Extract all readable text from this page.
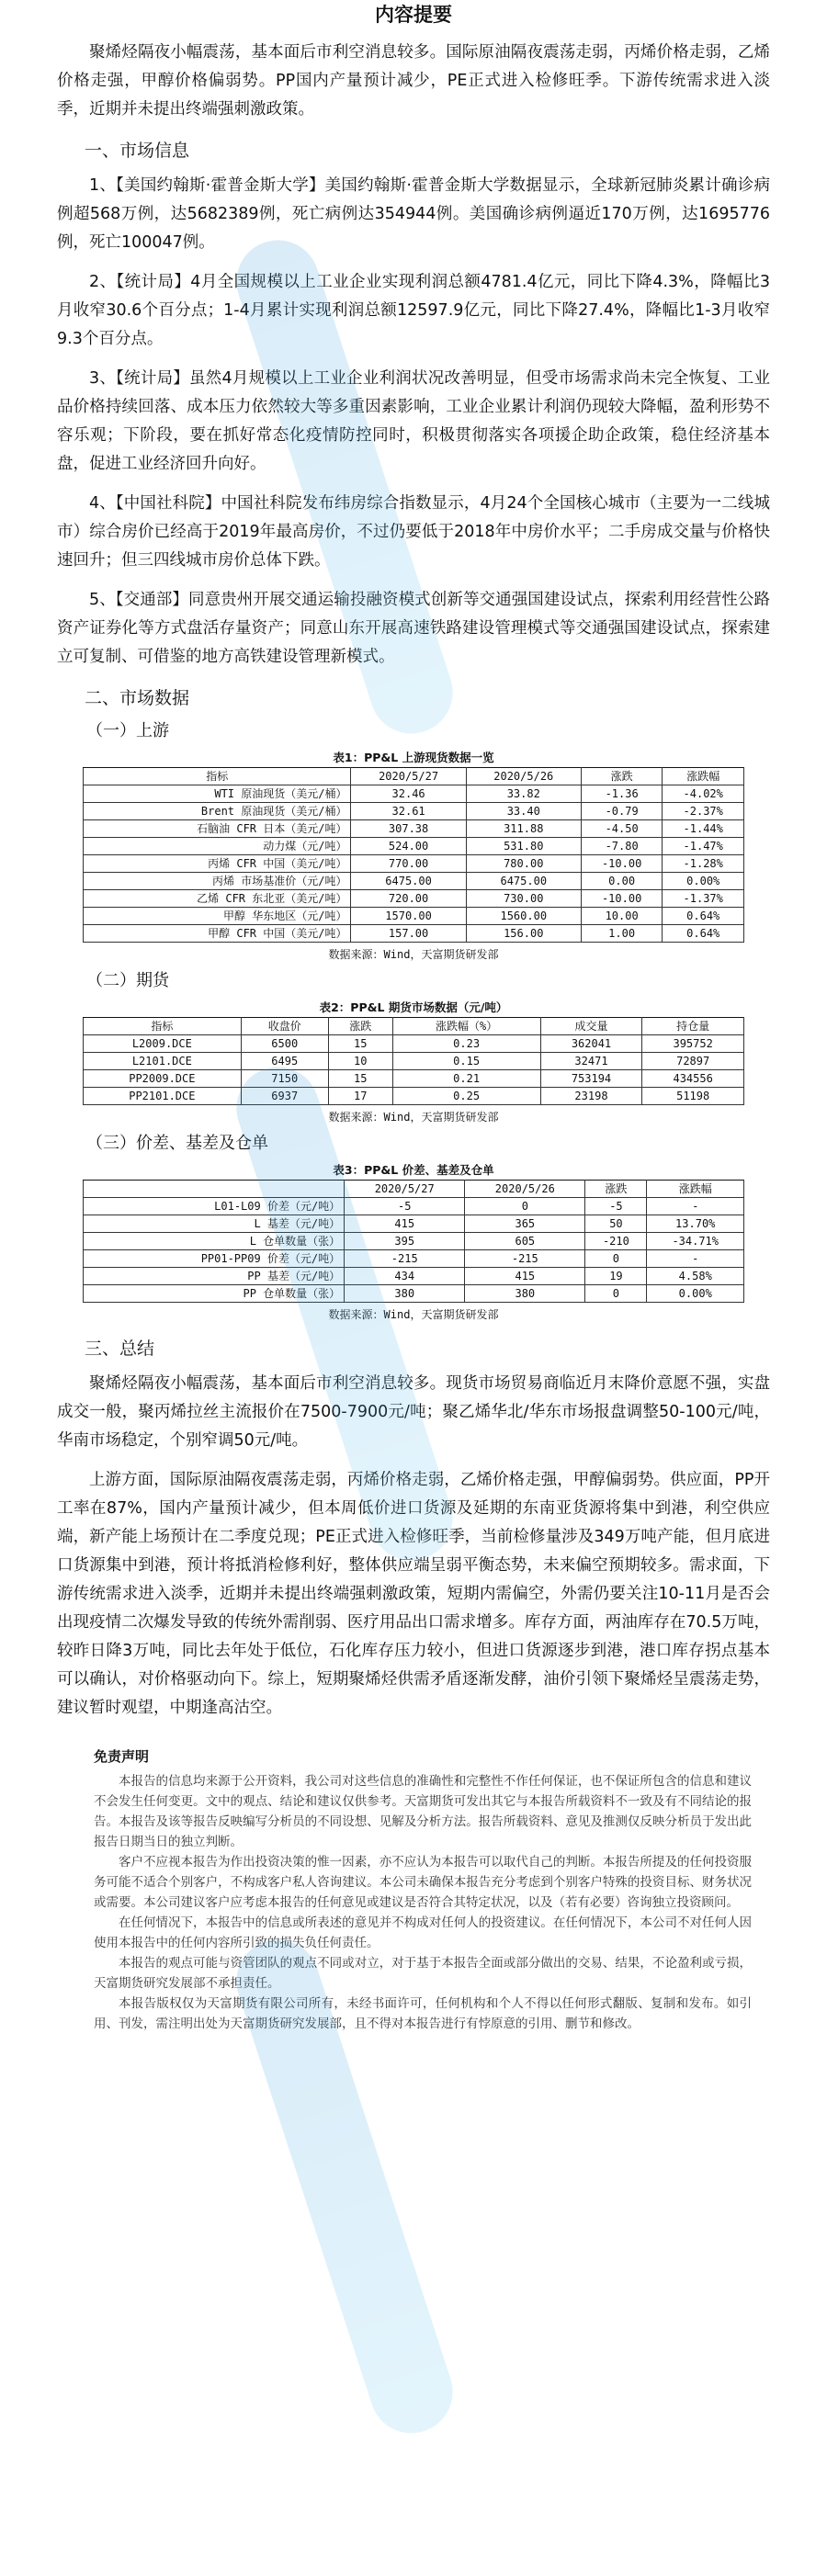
内容提要

聚烯烃隔夜小幅震荡，基本面后市利空消息较多。国际原油隔夜震荡走弱，丙烯价格走弱，乙烯价格走强，甲醇价格偏弱势。PP国内产量预计减少，PE正式进入检修旺季。下游传统需求进入淡季，近期并未提出终端强刺激政策。

一、市场信息

1、【美国约翰斯·霍普金斯大学】美国约翰斯·霍普金斯大学数据显示，全球新冠肺炎累计确诊病例超568万例，达5682389例，死亡病例达354944例。美国确诊病例逼近170万例，达1695776例，死亡100047例。

2、【统计局】4月全国规模以上工业企业实现利润总额4781.4亿元，同比下降4.3%，降幅比3月收窄30.6个百分点；1-4月累计实现利润总额12597.9亿元，同比下降27.4%，降幅比1-3月收窄9.3个百分点。

3、【统计局】虽然4月规模以上工业企业利润状况改善明显，但受市场需求尚未完全恢复、工业品价格持续回落、成本压力依然较大等多重因素影响，工业企业累计利润仍现较大降幅，盈利形势不容乐观；下阶段，要在抓好常态化疫情防控同时，积极贯彻落实各项援企助企政策，稳住经济基本盘，促进工业经济回升向好。

4、【中国社科院】中国社科院发布纬房综合指数显示，4月24个全国核心城市（主要为一二线城市）综合房价已经高于2019年最高房价，不过仍要低于2018年中房价水平；二手房成交量与价格快速回升；但三四线城市房价总体下跌。

5、【交通部】同意贵州开展交通运输投融资模式创新等交通强国建设试点，探索利用经营性公路资产证券化等方式盘活存量资产；同意山东开展高速铁路建设管理模式等交通强国建设试点，探索建立可复制、可借鉴的地方高铁建设管理新模式。

二、市场数据
（一）上游
表1：PP&L 上游现货数据一览
指标	2020/5/27	2020/5/26	涨跌	涨跌幅
WTI 原油现货（美元/桶）	32.46	33.82	-1.36	-4.02%
Brent 原油现货（美元/桶）	32.61	33.40	-0.79	-2.37%
石脑油 CFR 日本（美元/吨）	307.38	311.88	-4.50	-1.44%
动力煤（元/吨）	524.00	531.80	-7.80	-1.47%
丙烯 CFR 中国（美元/吨）	770.00	780.00	-10.00	-1.28%
丙烯 市场基准价（元/吨）	6475.00	6475.00	0.00	0.00%
乙烯 CFR 东北亚（美元/吨）	720.00	730.00	-10.00	-1.37%
甲醇 华东地区（元/吨）	1570.00	1560.00	10.00	0.64%
甲醇 CFR 中国（美元/吨）	157.00	156.00	1.00	0.64%
数据来源：Wind，天富期货研发部
（二）期货
表2：PP&L 期货市场数据（元/吨）
指标	收盘价	涨跌	涨跌幅（%）	成交量	持仓量
L2009.DCE	6500	15	0.23	362041	395752
L2101.DCE	6495	10	0.15	32471	72897
PP2009.DCE	7150	15	0.21	753194	434556
PP2101.DCE	6937	17	0.25	23198	51198
数据来源：Wind，天富期货研发部
（三）价差、基差及仓单
表3：PP&L 价差、基差及仓单
	2020/5/27	2020/5/26	涨跌	涨跌幅
L01-L09 价差（元/吨）	-5	0	-5	-
L 基差（元/吨）	415	365	50	13.70%
L 仓单数量（张）	395	605	-210	-34.71%
PP01-PP09 价差（元/吨）	-215	-215	0	-
PP 基差（元/吨）	434	415	19	4.58%
PP 仓单数量（张）	380	380	0	0.00%
数据来源：Wind，天富期货研发部
三、总结

聚烯烃隔夜小幅震荡，基本面后市利空消息较多。现货市场贸易商临近月末降价意愿不强，实盘成交一般，聚丙烯拉丝主流报价在7500-7900元/吨；聚乙烯华北/华东市场报盘调整50-100元/吨，华南市场稳定，个别窄调50元/吨。

上游方面，国际原油隔夜震荡走弱，丙烯价格走弱，乙烯价格走强，甲醇偏弱势。供应面，PP开工率在87%，国内产量预计减少，但本周低价进口货源及延期的东南亚货源将集中到港，利空供应端，新产能上场预计在二季度兑现；PE正式进入检修旺季，当前检修量涉及349万吨产能，但月底进口货源集中到港，预计将抵消检修利好，整体供应端呈弱平衡态势，未来偏空预期较多。需求面，下游传统需求进入淡季，近期并未提出终端强刺激政策，短期内需偏空，外需仍要关注10-11月是否会出现疫情二次爆发导致的传统外需削弱、医疗用品出口需求增多。库存方面，两油库存在70.5万吨，较昨日降3万吨，同比去年处于低位，石化库存压力较小，但进口货源逐步到港，港口库存拐点基本可以确认，对价格驱动向下。综上，短期聚烯烃供需矛盾逐渐发酵，油价引领下聚烯烃呈震荡走势，建议暂时观望，中期逢高沽空。

免责声明

本报告的信息均来源于公开资料，我公司对这些信息的准确性和完整性不作任何保证，也不保证所包含的信息和建议不会发生任何变更。文中的观点、结论和建议仅供参考。天富期货可发出其它与本报告所载资料不一致及有不同结论的报告。本报告及该等报告反映编写分析员的不同设想、见解及分析方法。报告所载资料、意见及推测仅反映分析员于发出此报告日期当日的独立判断。

客户不应视本报告为作出投资决策的惟一因素，亦不应认为本报告可以取代自己的判断。本报告所提及的任何投资服务可能不适合个别客户，不构成客户私人咨询建议。本公司未确保本报告充分考虑到个别客户特殊的投资目标、财务状况或需要。本公司建议客户应考虑本报告的任何意见或建议是否符合其特定状况，以及（若有必要）咨询独立投资顾问。

在任何情况下，本报告中的信息或所表述的意见并不构成对任何人的投资建议。在任何情况下，本公司不对任何人因使用本报告中的任何内容所引致的损失负任何责任。

本报告的观点可能与资管团队的观点不同或对立，对于基于本报告全面或部分做出的交易、结果，不论盈利或亏损，天富期货研究发展部不承担责任。

本报告版权仅为天富期货有限公司所有，未经书面许可，任何机构和个人不得以任何形式翻版、复制和发布。如引用、刊发，需注明出处为天富期货研究发展部，且不得对本报告进行有悖原意的引用、删节和修改。
